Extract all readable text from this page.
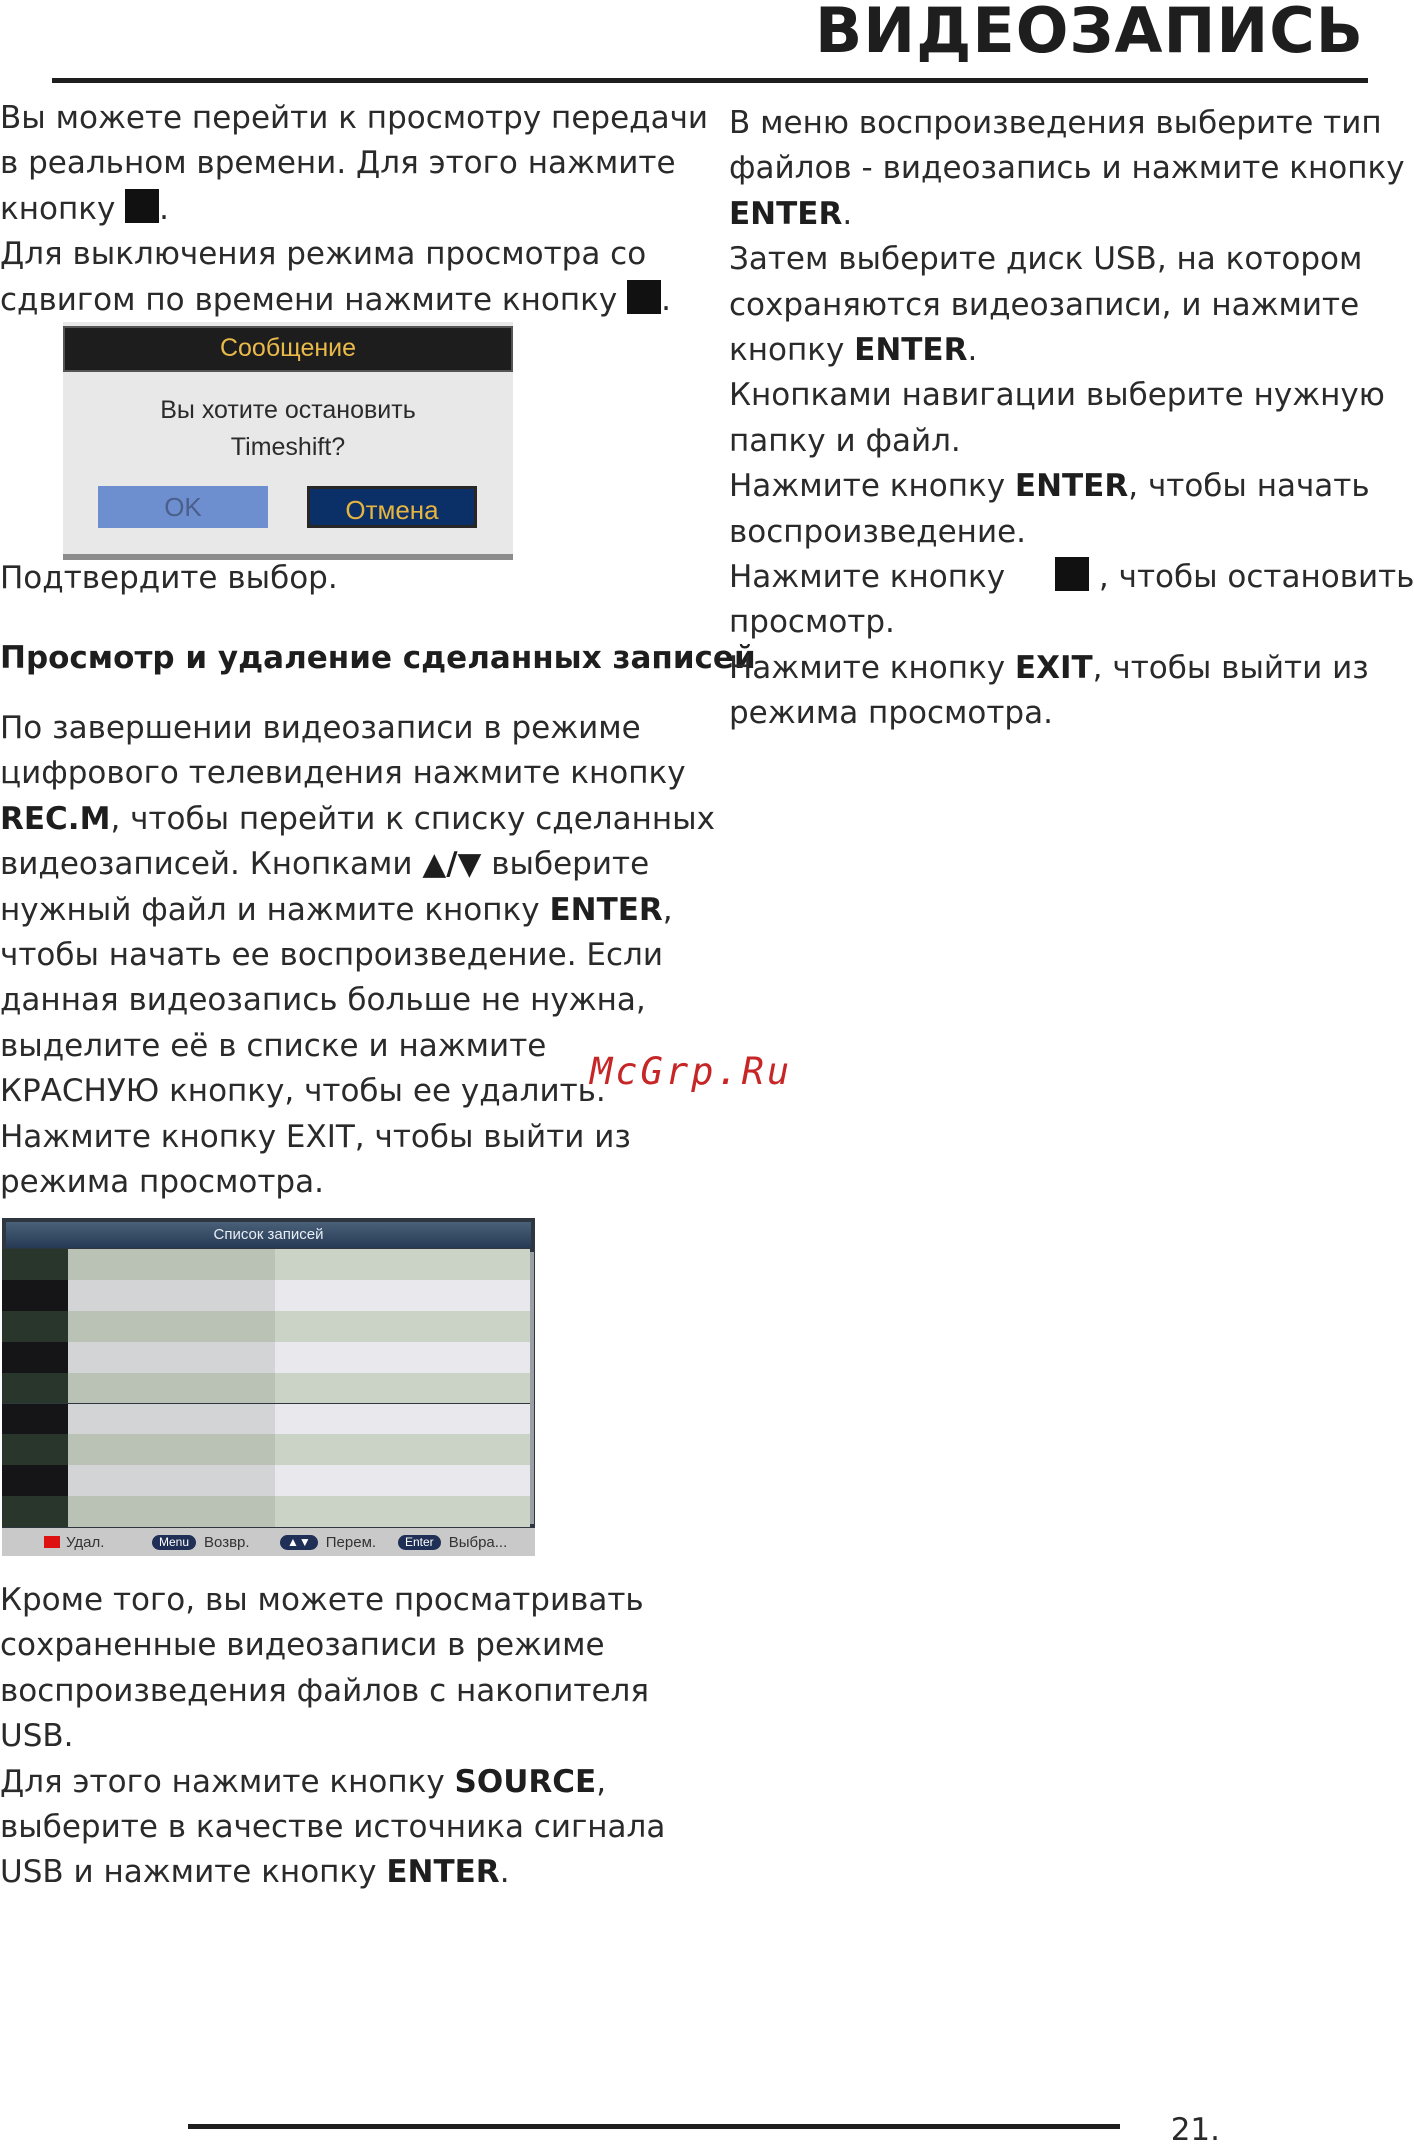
ВИДЕОЗАПИСЬ
Вы можете перейти к просмотру передачи
в реальном времени. Для этого нажмите
кнопку .
Для выключения режима просмотра со
сдвигом по времени нажмите кнопку .
Сообщение
Вы хотите остановить
Timeshift?
OK	Отмена
Подтвердите выбор.
Просмотр и удаление сделанных записей
По завершении видеозаписи в режиме
цифрового телевидения нажмите кнопку
REC.M, чтобы перейти к списку сделанных
видеозаписей. Кнопками ▲/▼ выберите
нужный файл и нажмите кнопку ENTER,
чтобы начать ее воспроизведение. Если
данная видеозапись больше не нужна,
выделите её в списке и нажмите
КРАСНУЮ кнопку, чтобы ее удалить.
Нажмите кнопку EXIT, чтобы выйти из
режима просмотра.
Список записей
Удал.	Menu Возвр.	▲▼ Перем.	Enter Выбра...
Кроме того, вы можете просматривать
сохраненные видеозаписи в режиме
воспроизведения файлов с накопителя
USB.
Для этого нажмите кнопку SOURCE,
выберите в качестве источника сигнала
USB и нажмите кнопку ENTER.
В меню воспроизведения выберите тип
файлов - видеозапись и нажмите кнопку
ENTER.
Затем выберите диск USB, на котором
сохраняются видеозаписи, и нажмите
кнопку ENTER.
Кнопками навигации выберите нужную
папку и файл.
Нажмите кнопку ENTER, чтобы начать
воспроизведение.
Нажмите кнопку	, чтобы остановить
просмотр.
Нажмите кнопку EXIT, чтобы выйти из
режима просмотра.
McGrp.Ru
21.
